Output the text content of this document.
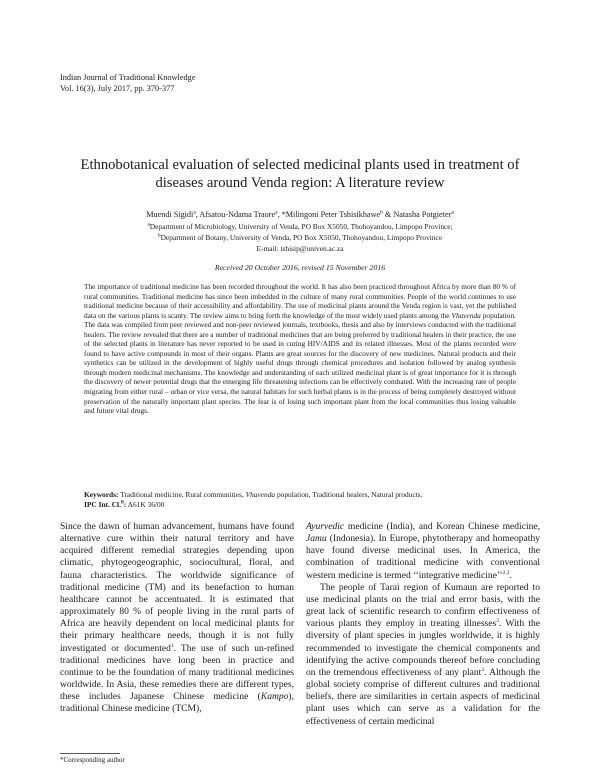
Indian Journal of Traditional Knowledge
Vol. 16(3), July 2017, pp. 370-377
Ethnobotanical evaluation of selected medicinal plants used in treatment of
diseases around Venda region: A literature review
Muendi Sigidi$^a$, Afsatou-Ndama Traore$^a$, *Milingoni Peter Tshisikhawe$^b$ & Natasha Potgieter$^a$
$^a$Department of Microbiology, University of Venda, PO Box X5050, Thohoyandou, Limpopo Province;
$^b$Department of Botany, University of Venda, PO Box X5050, Thohoyandou, Limpopo Province
E-mail: tshisip@univen.ac.za
Received 20 October 2016, revised 15 November 2016

The importance of traditional medicine has been recorded throughout the world. It has also been practiced throughout Africa by more than 80 % of rural communities. Traditional medicine has since been imbedded in the culture of many rural communities. People of the world continues to use traditional medicine because of their accessibility and affordability. The use of medicinal plants around the Venda region is vast, yet the published data on the various plants is scanty. The review aims to bring forth the knowledge of the most widely used plants among the Vhavenda population. The data was compiled from peer reviewed and non-peer reviewed journals, textbooks, thesis and also by interviews conducted with the traditional healers. The review revealed that there are a number of traditional medicines that are being preferred by traditional healers in their practice, the use of the selected plants in literature has never reported to be used in curing HIV/AIDS and its related illnesses. Most of the plants recorded were found to have active compounds in most of their organs. Plants are great sources for the discovery of new medicines. Natural products and their synthetics can be utilized in the development of highly useful drugs through chemical procedures and isolation followed by analog synthesis through modern medicinal mechanisms. The knowledge and understanding of each utilized medicinal plant is of great importance for it is through the discovery of newer potential drugs that the emerging life threatening infections can be effectively combated. With the increasing rate of people migrating from either rural – urban or vice versa, the natural habitats for such herbal plants is in the process of being completely destroyed without preservation of the naturally important plant species. The fear is of losing such important plant from the local communities thus losing valuable and future vital drugs.

Keywords: Traditional medicine, Rural communities, Vhavenda population, Traditional healers, Natural products.
IPC Int. Cl.$^8$: A61K 36/00

Since the dawn of human advancement, humans have found alternative cure within their natural territory and have acquired different remedial strategies depending upon climatic, phytogeogeographic, sociocultural, floral, and fauna characteristics. The worldwide significance of traditional medicine (TM) and its benefaction to human healthcare cannot be accentuated. It is estimated that approximately 80 % of people living in the rural parts of Africa are heavily dependent on local medicinal plants for their primary healthcare needs, though it is not fully investigated or documented$^1$. The use of such un-refined traditional medicines have long been in practice and continue to be the foundation of many traditional medicines worldwide. In Asia, these remedies there are different types, these includes Japanese Chinese medicine (Kampo), traditional Chinese medicine (TCM),

Ayurvedic medicine (India), and Korean Chinese medicine, Jamu (Indonesia). In Europe, phytotherapy and homeopathy have found diverse medicinal uses. In America, the combination of traditional medicine with conventional western medicine is termed ‘‘integrative medicine’’$^{2,3}$.

The people of Tarai region of Kumaun are reported to use medicinal plants on the trial and error basis, with the great lack of scientific research to confirm effectiveness of various plants they employ in treating illnesses$^3$. With the diversity of plant species in jungles worldwide, it is highly recommended to investigate the chemical components and identifying the active compounds thereof before concluding on the tremendous effectiveness of any plant$^3$. Although the global society comprise of different cultures and traditional beliefs, there are similarities in certain aspects of medicinal plant uses which can serve as a validation for the effectiveness of certain medicinal

*Corresponding author
